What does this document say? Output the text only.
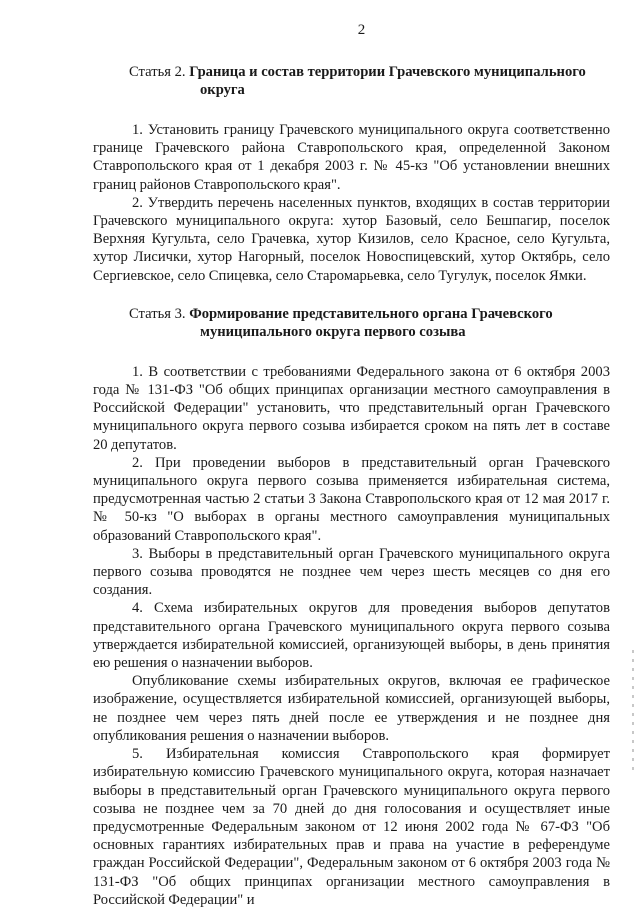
2
Статья 2. Граница и состав территории Грачевского муниципального
округа

1. Установить границу Грачевского муниципального округа соответственно границе Грачевского района Ставропольского края, определенной Законом Ставропольского края от 1 декабря 2003 г. № 45-кз "Об установлении внешних границ районов Ставропольского края".

2. Утвердить перечень населенных пунктов, входящих в состав территории Грачевского муниципального округа: хутор Базовый, село Бешпагир, поселок Верхняя Кугульта, село Грачевка, хутор Кизилов, село Красное, село Кугульта, хутор Лисички, хутор Нагорный, поселок Новоспицевский, хутор Октябрь, село Сергиевское, село Спицевка, село Старомарьевка, село Тугулук, поселок Ямки.

Статья 3. Формирование представительного органа Грачевского
муниципального округа первого созыва

1. В соответствии с требованиями Федерального закона от 6 октября 2003 года № 131-ФЗ "Об общих принципах организации местного самоуправления в Российской Федерации" установить, что представительный орган Грачевского муниципального округа первого созыва избирается сроком на пять лет в составе 20 депутатов.

2. При проведении выборов в представительный орган Грачевского муниципального округа первого созыва применяется избирательная система, предусмотренная частью 2 статьи 3 Закона Ставропольского края от 12 мая 2017 г. № 50-кз "О выборах в органы местного самоуправления муниципальных образований Ставропольского края".

3. Выборы в представительный орган Грачевского муниципального округа первого созыва проводятся не позднее чем через шесть месяцев со дня его создания.

4. Схема избирательных округов для проведения выборов депутатов представительного органа Грачевского муниципального округа первого созыва утверждается избирательной комиссией, организующей выборы, в день принятия ею решения о назначении выборов.

Опубликование схемы избирательных округов, включая ее графическое изображение, осуществляется избирательной комиссией, организующей выборы, не позднее чем через пять дней после ее утверждения и не позднее дня опубликования решения о назначении выборов.

5. Избирательная комиссия Ставропольского края формирует избирательную комиссию Грачевского муниципального округа, которая назначает выборы в представительный орган Грачевского муниципального округа первого созыва не позднее чем за 70 дней до дня голосования и осуществляет иные предусмотренные Федеральным законом от 12 июня 2002 года № 67-ФЗ "Об основных гарантиях избирательных прав и права на участие в референдуме граждан Российской Федерации", Федеральным законом от 6 октября 2003 года № 131-ФЗ "Об общих принципах организации местного самоуправления в Российской Федерации" и
